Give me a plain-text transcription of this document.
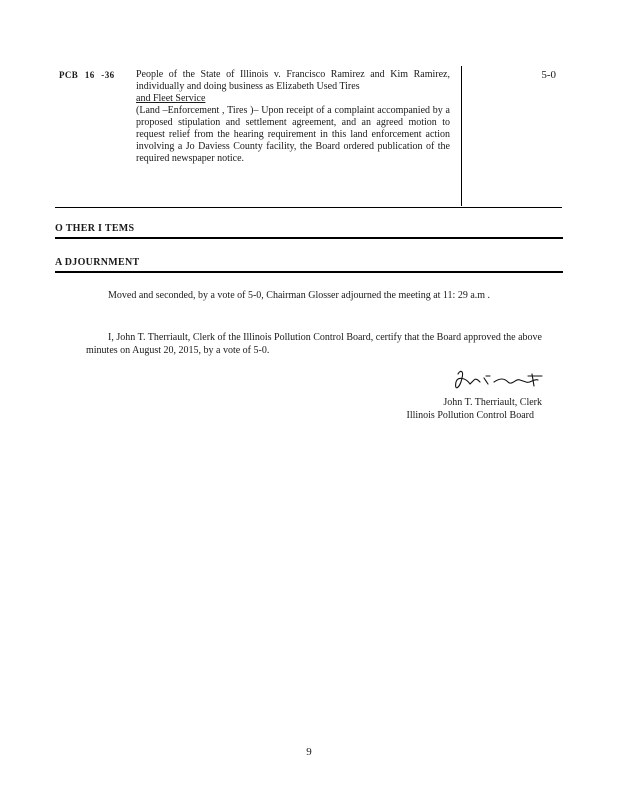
PCB 16 -36 People of the State of Illinois v. Francisco Ramirez and Kim Ramirez, individually and doing business as Elizabeth Used Tires
and Fleet Service
(Land –Enforcement , Tires )– Upon receipt of a complaint accompanied by a proposed stipulation and settlement agreement, and an agreed motion to request relief from the hearing requirement in this land enforcement action involving a Jo Daviess County facility, the Board ordered publication of the required newspaper notice.
5-0
O THER I TEMS
A DJOURNMENT
Moved and seconded, by a vote of 5-0, Chairman Glosser adjourned the meeting at 11: 29 a.m .
I, John T. Therriault, Clerk of the Illinois Pollution Control Board, certify that the Board approved the above minutes on August 20, 2015, by a vote of 5-0.
John T. Therriault, Clerk
Illinois Pollution Control Board
9
